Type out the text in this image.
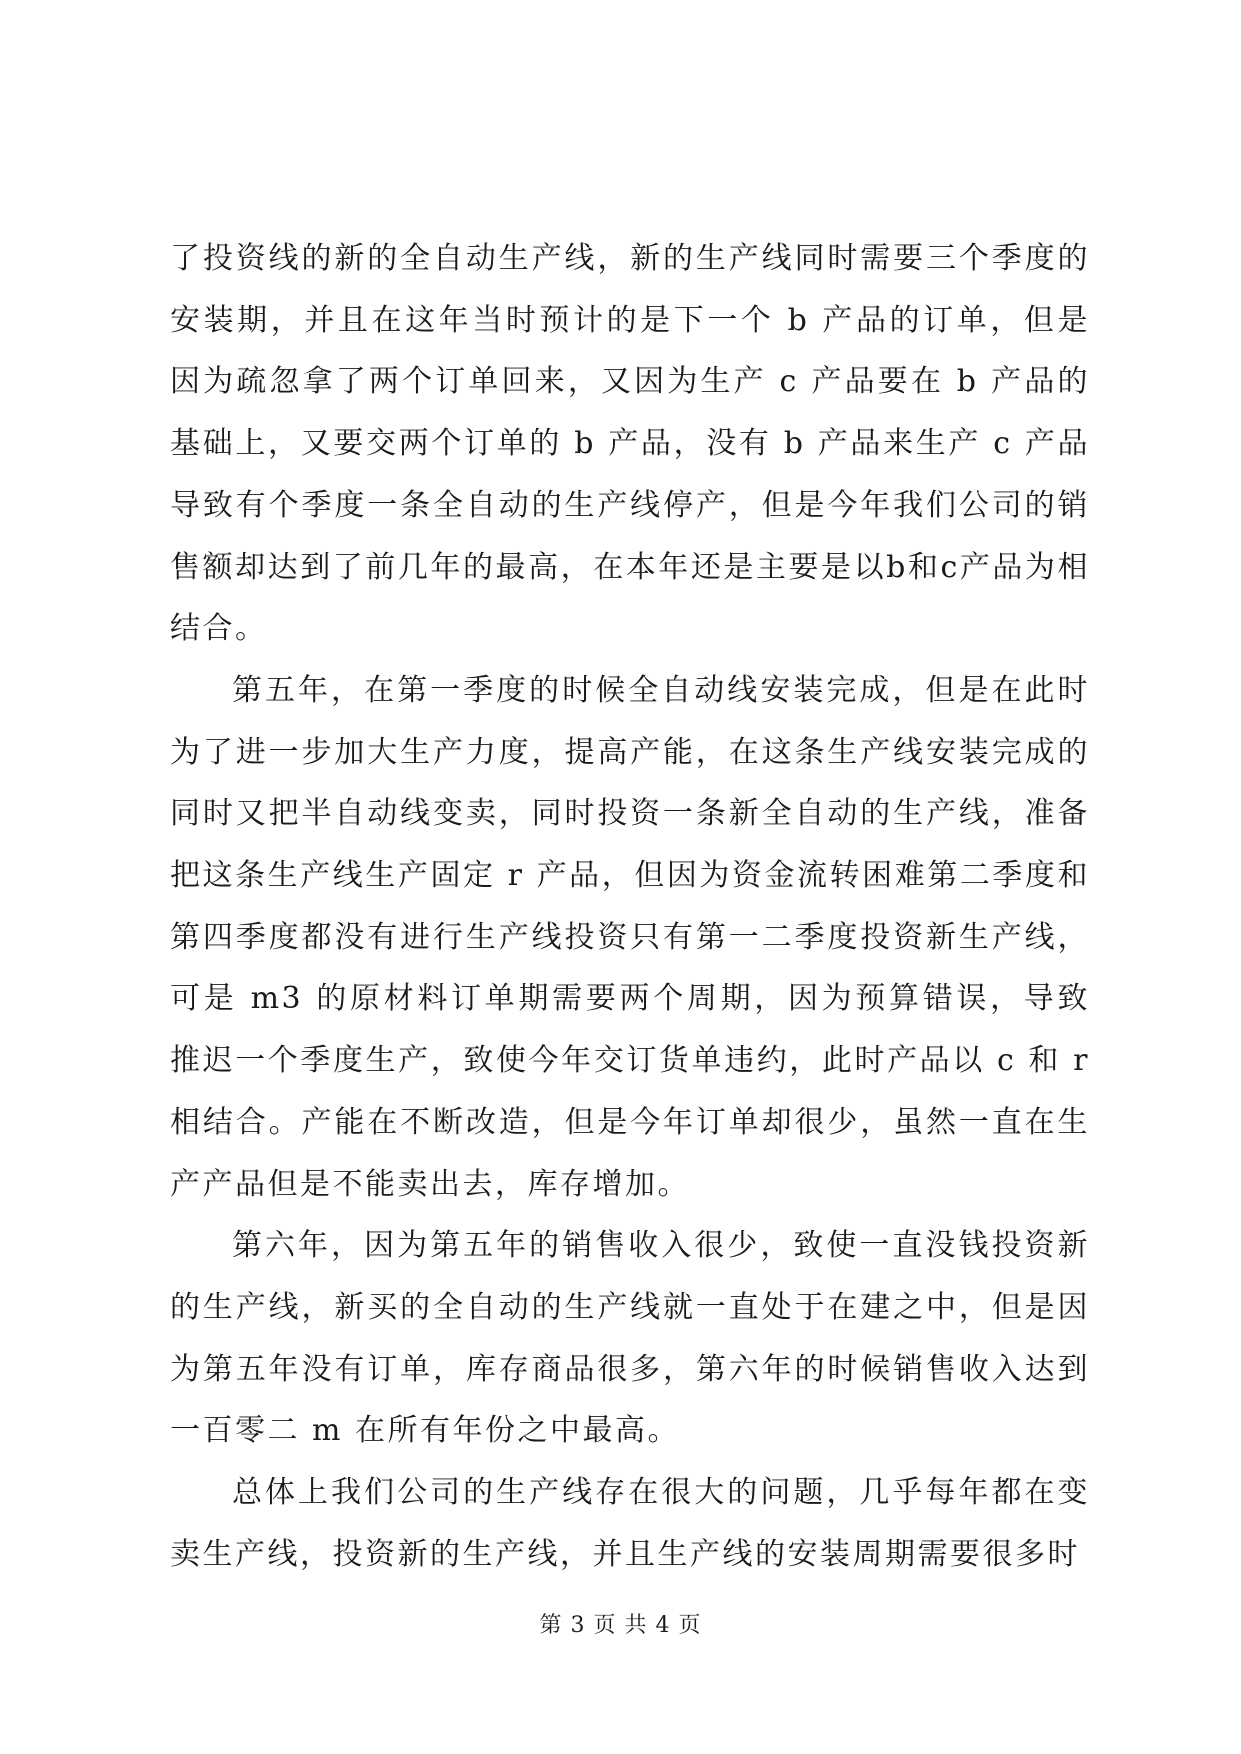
了投资线的新的全自动生产线，新的生产线同时需要三个季度的安装期，并且在这年当时预计的是下一个 b 产品的订单，但是因为疏忽拿了两个订单回来，又因为生产 c 产品要在 b 产品的基础上，又要交两个订单的 b 产品，没有 b 产品来生产 c 产品导致有个季度一条全自动的生产线停产，但是今年我们公司的销售额却达到了前几年的最高，在本年还是主要是以b和c产品为相结合。

第五年，在第一季度的时候全自动线安装完成，但是在此时为了进一步加大生产力度，提高产能，在这条生产线安装完成的同时又把半自动线变卖，同时投资一条新全自动的生产线，准备把这条生产线生产固定 r 产品，但因为资金流转困难第二季度和第四季度都没有进行生产线投资只有第一二季度投资新生产线，可是 m3 的原材料订单期需要两个周期，因为预算错误，导致推迟一个季度生产，致使今年交订货单违约，此时产品以 c 和 r 相结合。产能在不断改造，但是今年订单却很少，虽然一直在生产产品但是不能卖出去，库存增加。

第六年，因为第五年的销售收入很少，致使一直没钱投资新的生产线，新买的全自动的生产线就一直处于在建之中，但是因为第五年没有订单，库存商品很多，第六年的时候销售收入达到一百零二 m 在所有年份之中最高。

总体上我们公司的生产线存在很大的问题，几乎每年都在变卖生产线，投资新的生产线，并且生产线的安装周期需要很多时

第 3 页 共 4 页
